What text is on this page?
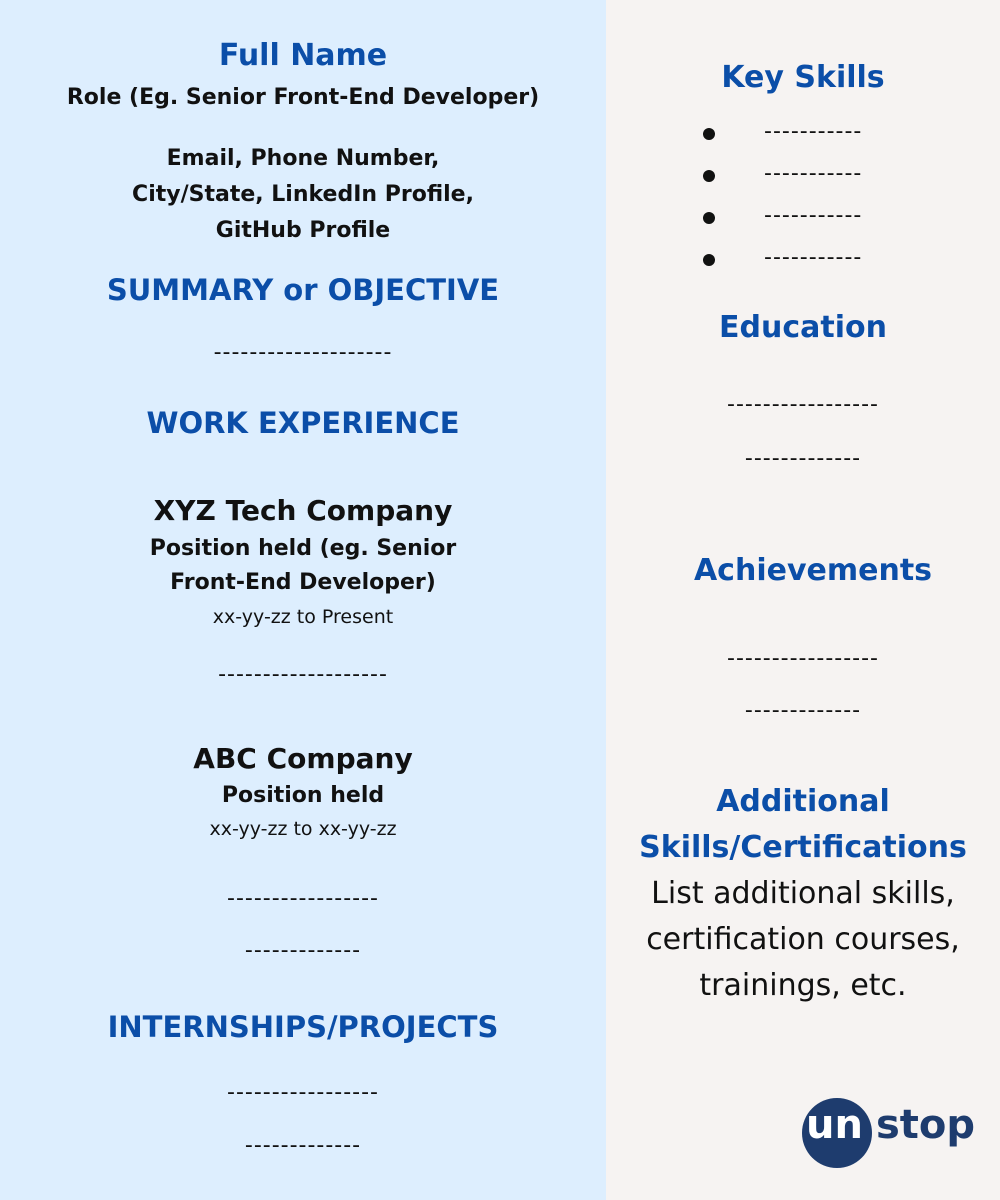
Full Name

Role (Eg. Senior Front-End Developer)

Email, Phone Number,

City/State, LinkedIn Profile,

GitHub Profile

SUMMARY or OBJECTIVE

--------------------

WORK EXPERIENCE

XYZ Tech Company

Position held (eg. Senior

Front-End Developer)

xx-yy-zz to Present

-------------------

ABC Company

Position held

xx-yy-zz to xx-yy-zz

-----------------

-------------

INTERNSHIPS/PROJECTS

-----------------

-------------

Key Skills

-----------
-----------
-----------
-----------

Education

-----------------

-------------

Achievements

-----------------

-------------

Additional

Skills/Certifications

List additional skills,

certification courses,

trainings, etc.

un stop
